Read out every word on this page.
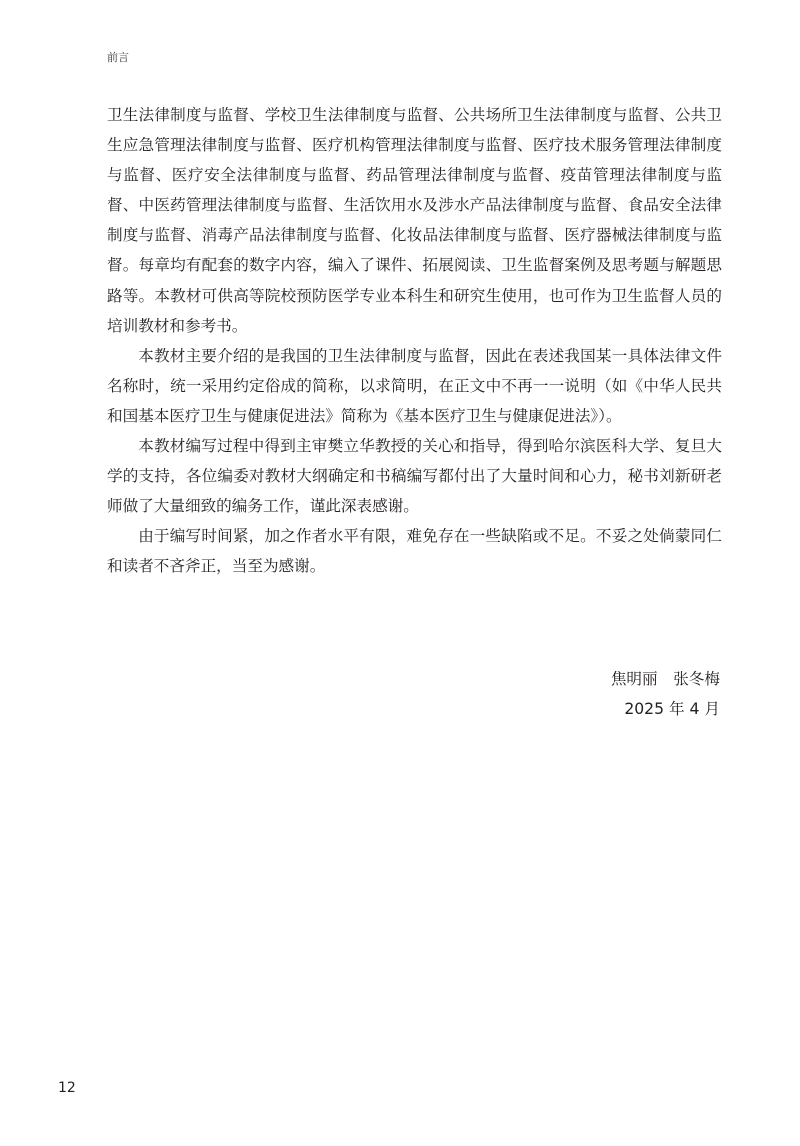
前言

卫生法律制度与监督、学校卫生法律制度与监督、公共场所卫生法律制度与监督、公共卫生应急管理法律制度与监督、医疗机构管理法律制度与监督、医疗技术服务管理法律制度与监督、医疗安全法律制度与监督、药品管理法律制度与监督、疫苗管理法律制度与监督、中医药管理法律制度与监督、生活饮用水及涉水产品法律制度与监督、食品安全法律制度与监督、消毒产品法律制度与监督、化妆品法律制度与监督、医疗器械法律制度与监督。每章均有配套的数字内容，编入了课件、拓展阅读、卫生监督案例及思考题与解题思路等。本教材可供高等院校预防医学专业本科生和研究生使用，也可作为卫生监督人员的培训教材和参考书。

本教材主要介绍的是我国的卫生法律制度与监督，因此在表述我国某一具体法律文件名称时，统一采用约定俗成的简称，以求简明，在正文中不再一一说明（如《中华人民共和国基本医疗卫生与健康促进法》简称为《基本医疗卫生与健康促进法》）。

本教材编写过程中得到主审樊立华教授的关心和指导，得到哈尔滨医科大学、复旦大学的支持，各位编委对教材大纲确定和书稿编写都付出了大量时间和心力，秘书刘新研老师做了大量细致的编务工作，谨此深表感谢。

由于编写时间紧，加之作者水平有限，难免存在一些缺陷或不足。不妥之处倘蒙同仁和读者不吝斧正，当至为感谢。

焦明丽　张冬梅
2025 年 4 月
12
